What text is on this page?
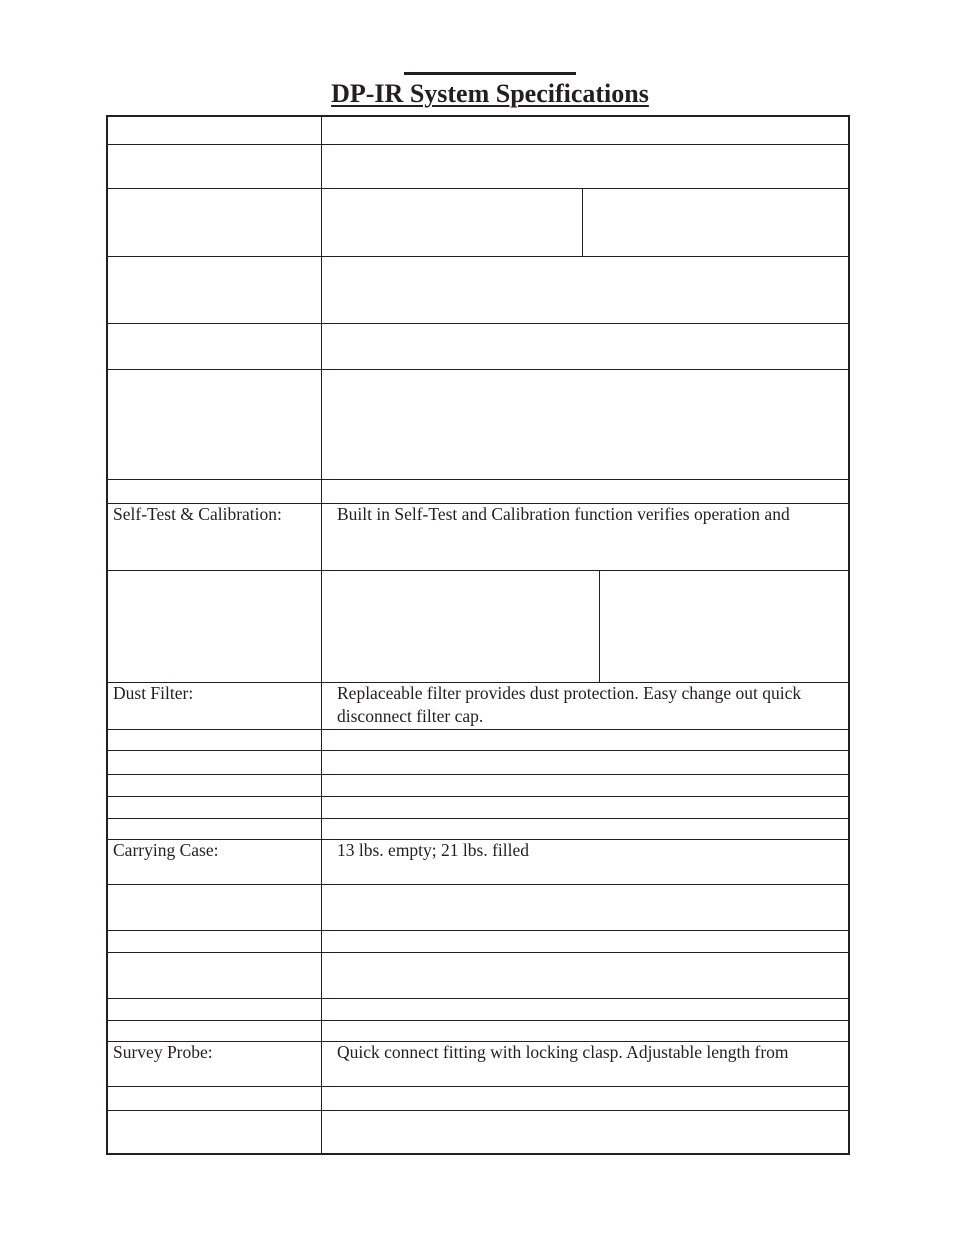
DP-IR System Specifications
Self-Test & Calibration:	Built in Self-Test and Calibration function verifies operation and
Dust Filter:	Replaceable filter provides dust protection. Easy change out quick
disconnect filter cap.
Carrying Case:	13 lbs. empty; 21 lbs. filled
Survey Probe:	Quick connect fitting with locking clasp. Adjustable length from
